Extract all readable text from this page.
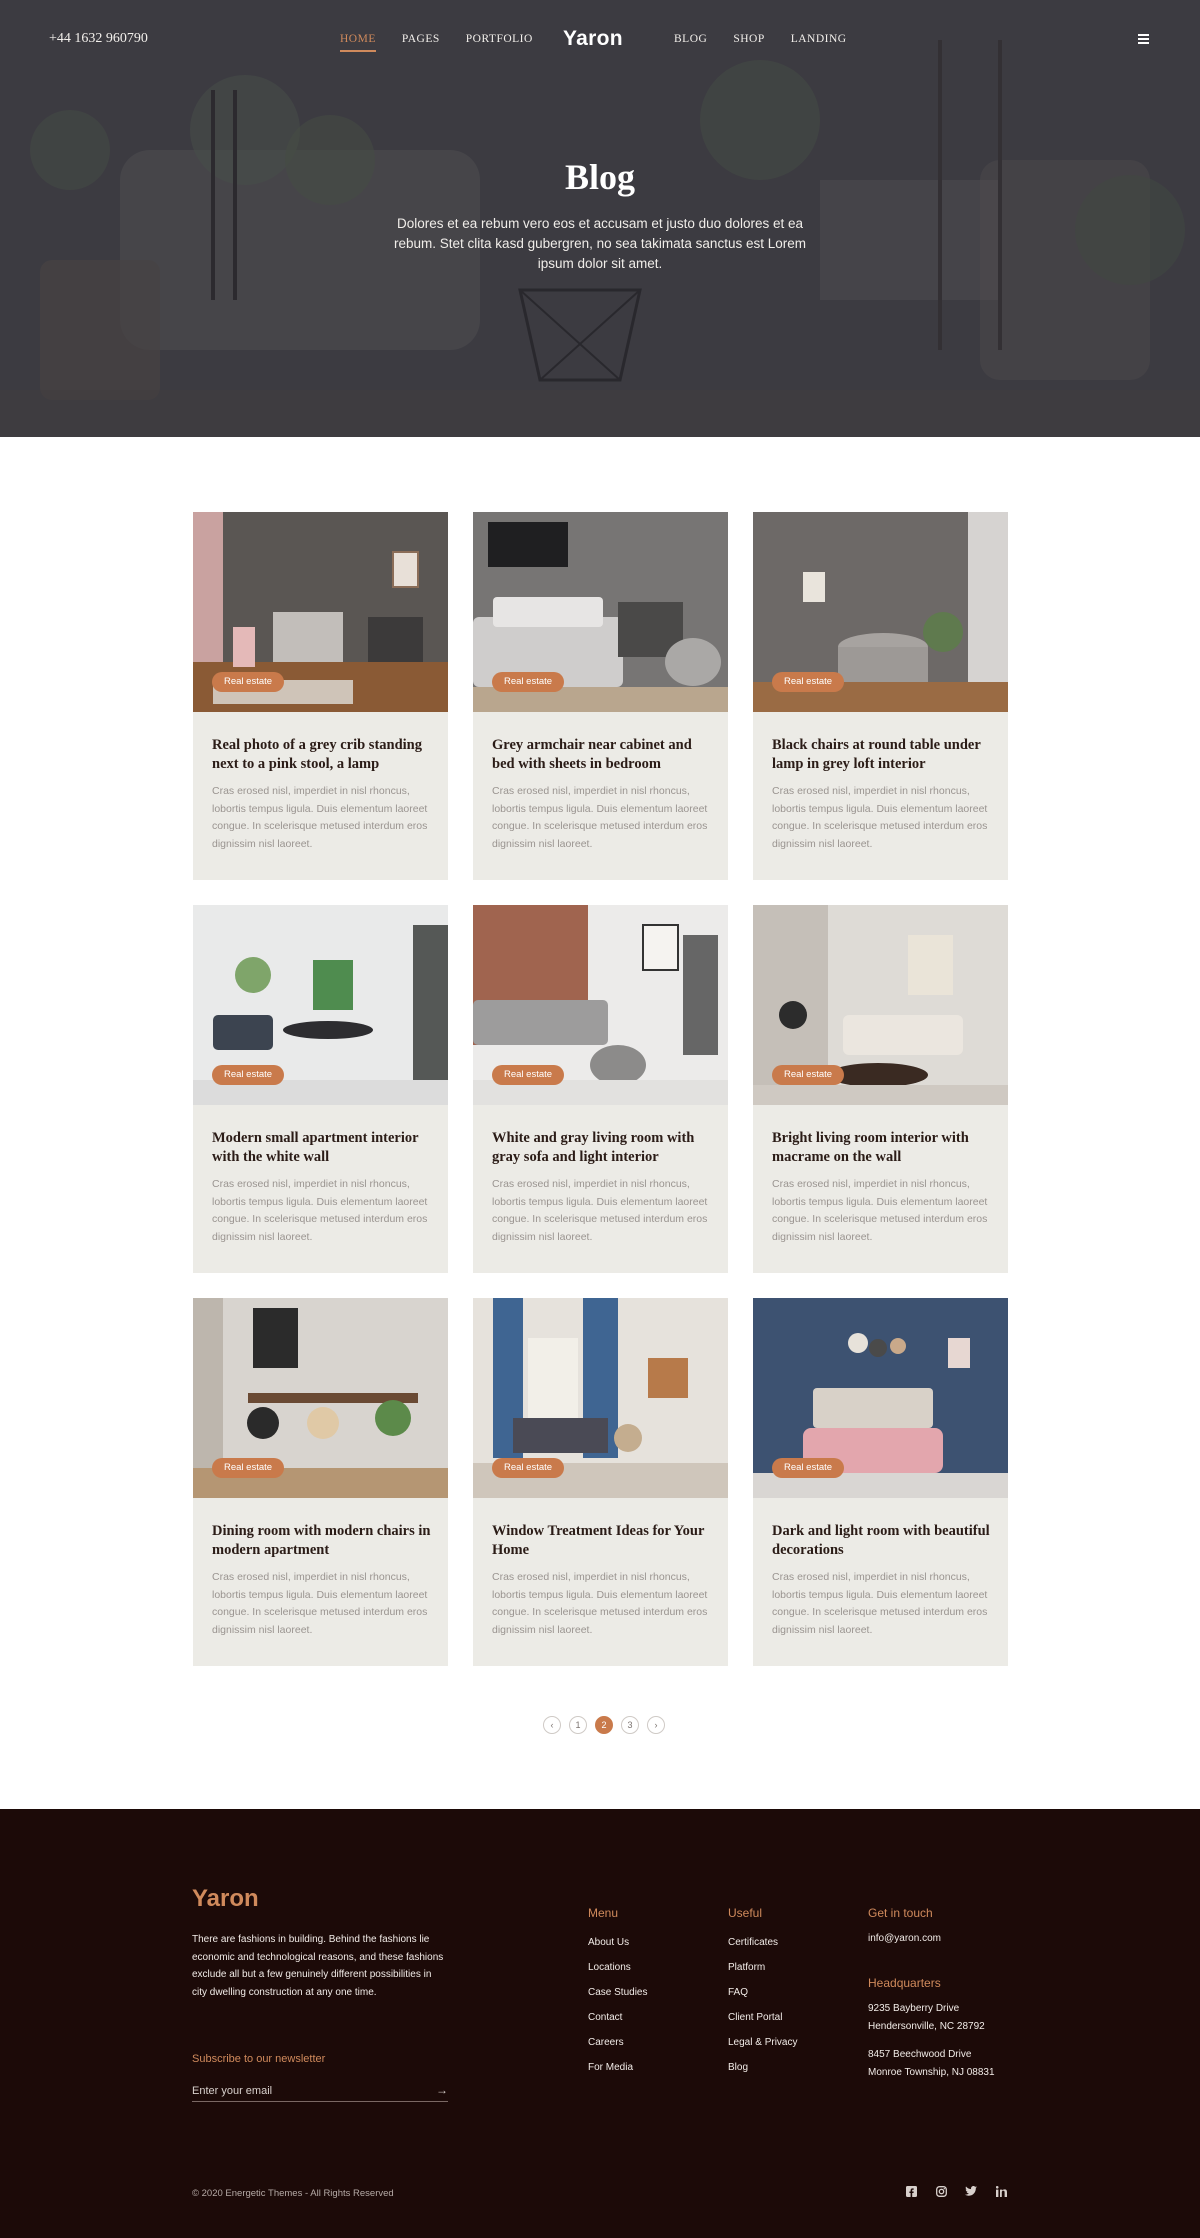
+44 1632 960790	HOME PAGES PORTFOLIO Yaron	BLOG SHOP LANDING
Blog

Dolores et ea rebum vero eos et accusam et justo duo dolores et ea rebum. Stet clita kasd gubergren, no sea takimata sanctus est Lorem ipsum dolor sit amet.

Real estate
Real photo of a grey crib standing next to a pink stool, a lamp

Cras erosed nisl, imperdiet in nisl rhoncus, lobortis tempus ligula. Duis elementum laoreet congue. In scelerisque metused interdum eros dignissim nisl laoreet.

Real estate
Grey armchair near cabinet and bed with sheets in bedroom

Cras erosed nisl, imperdiet in nisl rhoncus, lobortis tempus ligula. Duis elementum laoreet congue. In scelerisque metused interdum eros dignissim nisl laoreet.

Real estate
Black chairs at round table under lamp in grey loft interior

Cras erosed nisl, imperdiet in nisl rhoncus, lobortis tempus ligula. Duis elementum laoreet congue. In scelerisque metused interdum eros dignissim nisl laoreet.

Real estate
Modern small apartment interior with the white wall

Cras erosed nisl, imperdiet in nisl rhoncus, lobortis tempus ligula. Duis elementum laoreet congue. In scelerisque metused interdum eros dignissim nisl laoreet.

Real estate
White and gray living room with gray sofa and light interior

Cras erosed nisl, imperdiet in nisl rhoncus, lobortis tempus ligula. Duis elementum laoreet congue. In scelerisque metused interdum eros dignissim nisl laoreet.

Real estate
Bright living room interior with macrame on the wall

Cras erosed nisl, imperdiet in nisl rhoncus, lobortis tempus ligula. Duis elementum laoreet congue. In scelerisque metused interdum eros dignissim nisl laoreet.

Real estate
Dining room with modern chairs in modern apartment

Cras erosed nisl, imperdiet in nisl rhoncus, lobortis tempus ligula. Duis elementum laoreet congue. In scelerisque metused interdum eros dignissim nisl laoreet.

Real estate
Window Treatment Ideas for Your Home

Cras erosed nisl, imperdiet in nisl rhoncus, lobortis tempus ligula. Duis elementum laoreet congue. In scelerisque metused interdum eros dignissim nisl laoreet.

Real estate
Dark and light room with beautiful decorations

Cras erosed nisl, imperdiet in nisl rhoncus, lobortis tempus ligula. Duis elementum laoreet congue. In scelerisque metused interdum eros dignissim nisl laoreet.

‹	1	2	3	›
Yaron

There are fashions in building. Behind the fashions lie economic and technological reasons, and these fashions exclude all but a few genuinely different possibilities in city dwelling construction at any one time.

Subscribe to our newsletter
Enter your email
→
Menu
About Us
Locations
Case Studies
Contact
Careers
For Media
Useful
Certificates
Platform
FAQ
Client Portal
Legal & Privacy
Blog
Get in touch
info@yaron.com
Headquarters
9235 Bayberry Drive
Hendersonville, NC 28792
8457 Beechwood Drive
Monroe Township, NJ 08831
© 2020 Energetic Themes - All Rights Reserved
